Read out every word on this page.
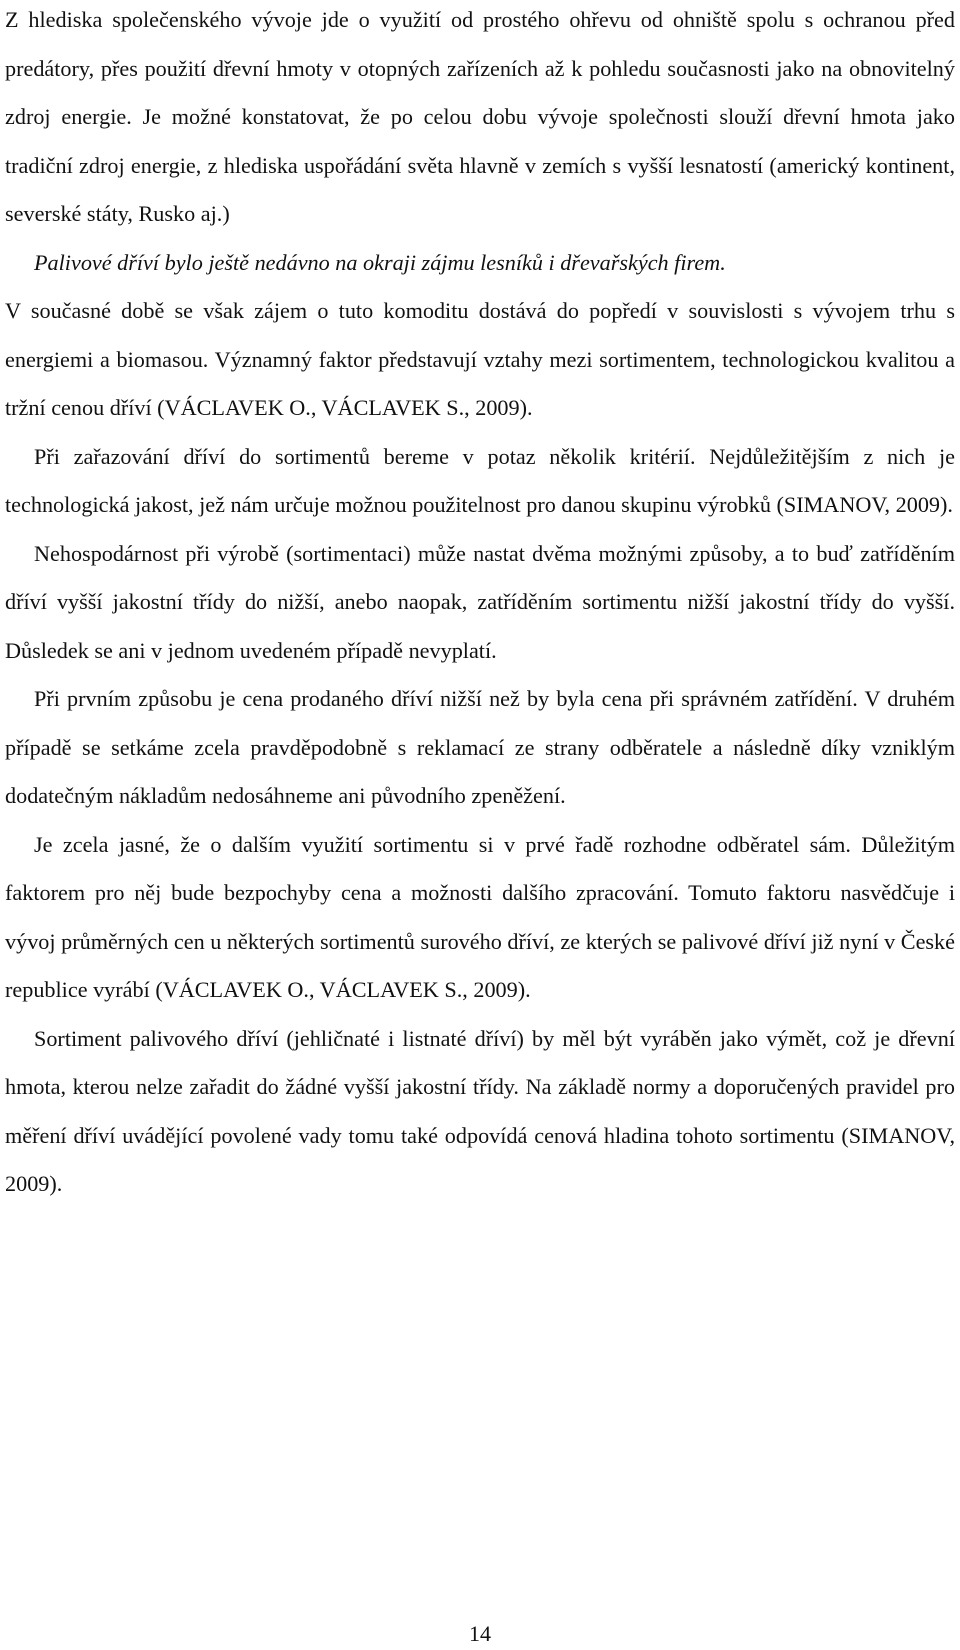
Z hlediska společenského vývoje jde o využití od prostého ohřevu od ohniště spolu s ochranou před predátory, přes použití dřevní hmoty v otopných zařízeních až k pohledu současnosti jako na obnovitelný zdroj energie. Je možné konstatovat, že po celou dobu vývoje společnosti slouží dřevní hmota jako tradiční zdroj energie, z hlediska uspořádání světa hlavně v zemích s vyšší lesnatostí (americký kontinent, severské státy, Rusko aj.)

Palivové dříví bylo ještě nedávno na okraji zájmu lesníků i dřevařských firem.

V současné době se však zájem o tuto komoditu dostává do popředí v souvislosti s vývojem trhu s energiemi a biomasou. Významný faktor představují vztahy mezi sortimentem, technologickou kvalitou a tržní cenou dříví (VÁCLAVEK O., VÁCLAVEK S., 2009).

Při zařazování dříví do sortimentů bereme v potaz několik kritérií. Nejdůležitějším z nich je technologická jakost, jež nám určuje možnou použitelnost pro danou skupinu výrobků (SIMANOV, 2009).

Nehospodárnost při výrobě (sortimentaci) může nastat dvěma možnými způsoby, a to buď zatříděním dříví vyšší jakostní třídy do nižší, anebo naopak, zatříděním sortimentu nižší jakostní třídy do vyšší. Důsledek se ani v jednom uvedeném případě nevyplatí.

Při prvním způsobu je cena prodaného dříví nižší než by byla cena při správném zatřídění. V druhém případě se setkáme zcela pravděpodobně s reklamací ze strany odběratele a následně díky vzniklým dodatečným nákladům nedosáhneme ani původního zpeněžení.

Je zcela jasné, že o dalším využití sortimentu si v prvé řadě rozhodne odběratel sám. Důležitým faktorem pro něj bude bezpochyby cena a možnosti dalšího zpracování. Tomuto faktoru nasvědčuje i vývoj průměrných cen u některých sortimentů surového dříví, ze kterých se palivové dříví již nyní v České republice vyrábí (VÁCLAVEK O., VÁCLAVEK S., 2009).

Sortiment palivového dříví (jehličnaté i listnaté dříví) by měl být vyráběn jako výmět, což je dřevní hmota, kterou nelze zařadit do žádné vyšší jakostní třídy. Na základě normy a doporučených pravidel pro měření dříví uvádějící povolené vady tomu také odpovídá cenová hladina tohoto sortimentu (SIMANOV, 2009).

14
